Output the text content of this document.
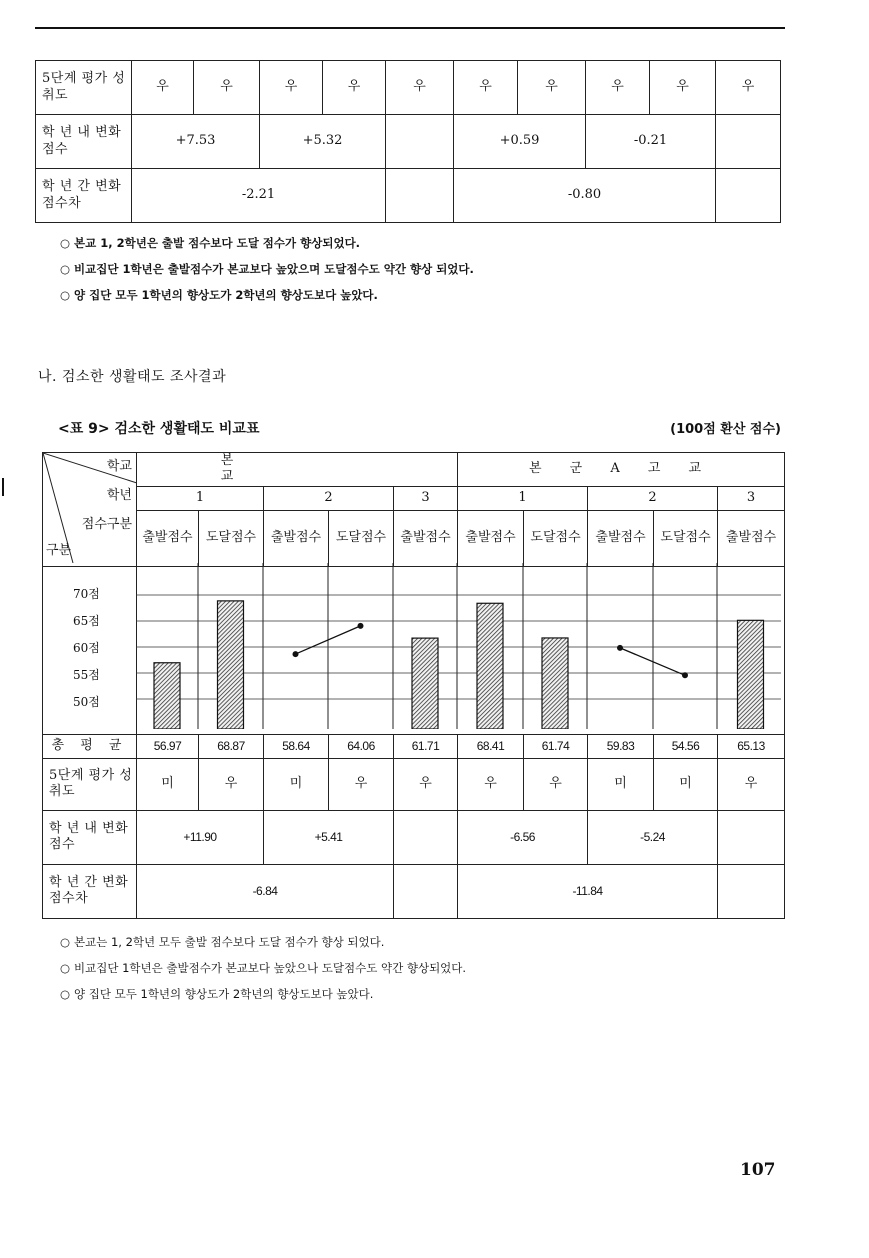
5단계 평가 성취도	우	우	우	우	우	우	우	우	우	우
학 년 내 변화점수	+7.53		+5.32			+0.59		-0.21		
학 년 간 변화점수차	-2.21					-0.80				
○ 본교 1, 2학년은 출발 점수보다 도달 점수가 향상되었다.
○ 비교집단 1학년은 출발점수가 본교보다 높았으며 도달점수도 약간 향상 되었다.
○ 양 집단 모두 1학년의 향상도가 2학년의 향상도보다 높았다.
나. 검소한 생활태도 조사결과
<표 9> 검소한 생활태도 비교표	(100점 환산 점수)
학교
학년
점수구분
구분	본 교					본 군 A 고 교				
	1		2		3	1		2		3
	출발점수	도달점수	출발점수	도달점수	출발점수	출발점수	도달점수	출발점수	도달점수	출발점수

70점
65점
60점
55점
50점										

총 평 균	56.97	68.87	58.64	64.06	61.71	68.41	61.74	59.83	54.56	65.13
5단계 평가 성취도	미	우	미	우	우	우	우	미	미	우
학 년 내 변화 점수	+11.90		+5.41			-6.56		-5.24		
학 년 간 변화점수차	-6.84					-11.84				
○ 본교는 1, 2학년 모두 출발 점수보다 도달 점수가 향상 되었다.
○ 비교집단 1학년은 출발점수가 본교보다 높았으나 도달점수도 약간 향상되었다.
○ 양 집단 모두 1학년의 향상도가 2학년의 향상도보다 높았다.
107
